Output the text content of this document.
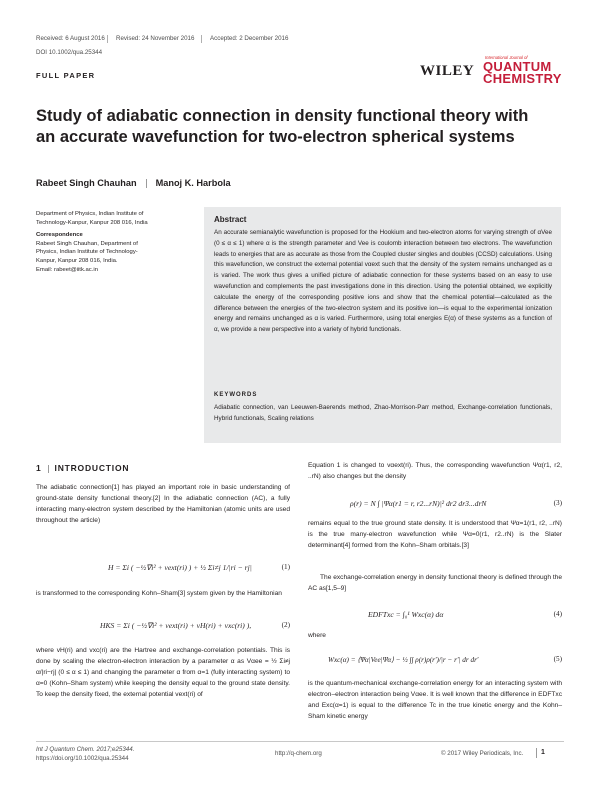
Received: 6 August 2016 Revised: 24 November 2016	Accepted: 2 December 2016
DOI 10.1002/qua.25344
FULL PAPER	WILEY
International Journal of
QUANTUM
CHEMISTRY
Study of adiabatic connection in density functional theory with
an accurate wavefunction for two-electron spherical systems
Rabeet Singh Chauhan Manoj K. Harbola
Department of Physics, Indian Institute of
Technology-Kanpur, Kanpur 208 016, India
Correspondence
Rabeet Singh Chauhan, Department of
Physics, Indian Institute of Technology-
Kanpur, Kanpur 208 016, India.
Email: rabeet@iitk.ac.in
Abstract
An accurate semianalytic wavefunction is proposed for the Hookium and two-electron atoms for varying strength of αVee (0 ≤ α ≤ 1) where α is the strength parameter and Vee is coulomb interaction between two electrons. The wavefunction leads to energies that are as accurate as those from the Coupled cluster singles and doubles (CCSD) calculations. Using this wavefunction, we construct the external potential vαext such that the density of the system remains unchanged as α is varied. The work thus gives a unified picture of adiabatic connection for these systems based on an easy to use wavefunction and complements the past investigations done in this direction. Using the potential obtained, we explicitly calculate the energy of the corresponding positive ions and show that the chemical potential—calculated as the difference between the energies of the two-electron system and its positive ion—is equal to the experimental ionization energy and remains unchanged as α is varied. Furthermore, using total energies E(α) of these systems as a function of α, we provide a new perspective into a variety of hybrid functionals.
KEYWORDS
Adiabatic connection, van Leeuwen-Baerends method, Zhao-Morrison-Parr method, Exchange-correlation functionals, Hybrid functionals, Scaling relations
1 INTRODUCTION

The adiabatic connection[1] has played an important role in basic understanding of ground-state density functional theory.[2] In the adiabatic connection (AC), a fully interacting many-electron system described by the Hamiltonian (atomic units are used throughout the article)

H = Σi ( −½∇i² + vext(ri) ) + ½ Σi≠j 1/|ri − rj|	(1)
is transformed to the corresponding Kohn–Sham[3] system given by the Hamiltonian
HKS = Σi ( −½∇i² + vext(ri) + vH(ri) + vxc(ri) ),	(2)
where vH(ri) and vxc(ri) are the Hartree and exchange-correlation potentials. This is done by scaling the electron-electron interaction by a parameter α as Vαee = ½ Σi≠j α/|ri−rj| (0 ≤ α ≤ 1) and changing the parameter α from α=1 (fully interacting system) to α=0 (Kohn–Sham system) while keeping the density equal to the ground state density. To keep the density fixed, the external potential vext(ri) of
Equation 1 is changed to vαext(ri). Thus, the corresponding wavefunction Ψα(r1, r2, ..rN) also changes but the density
ρ(r) = N ∫ |Ψα(r1 = r, r2...rN)|² dr2 dr3...drN	(3)
remains equal to the true ground state density. It is understood that Ψα=1(r1, r2, ..rN) is the true many-electron wavefunction while Ψα=0(r1, r2..rN) is the Slater determinant[4] formed from the Kohn–Sham orbitals.[3]
The exchange-correlation energy in density functional theory is defined through the AC as[1,5–9]
EDFTxc = ∫₀¹ Wxc(α) dα	(4)
where
Wxc(α) = ⟨Ψα|Vee|Ψα⟩ − ½ ∫∫ ρ(r)ρ(r′)/|r − r′| dr dr′	(5)
is the quantum-mechanical exchange-correlation energy for an interacting system with electron–electron interaction being Vαee. It is well known that the difference in EDFTxc and Exc(α=1) is equal to the difference Tc in the true kinetic energy and the Kohn–Sham kinetic energy
Int J Quantum Chem. 2017;e25344.
https://doi.org/10.1002/qua.25344
http://q-chem.org	© 2017 Wiley Periodicals, Inc.	1
